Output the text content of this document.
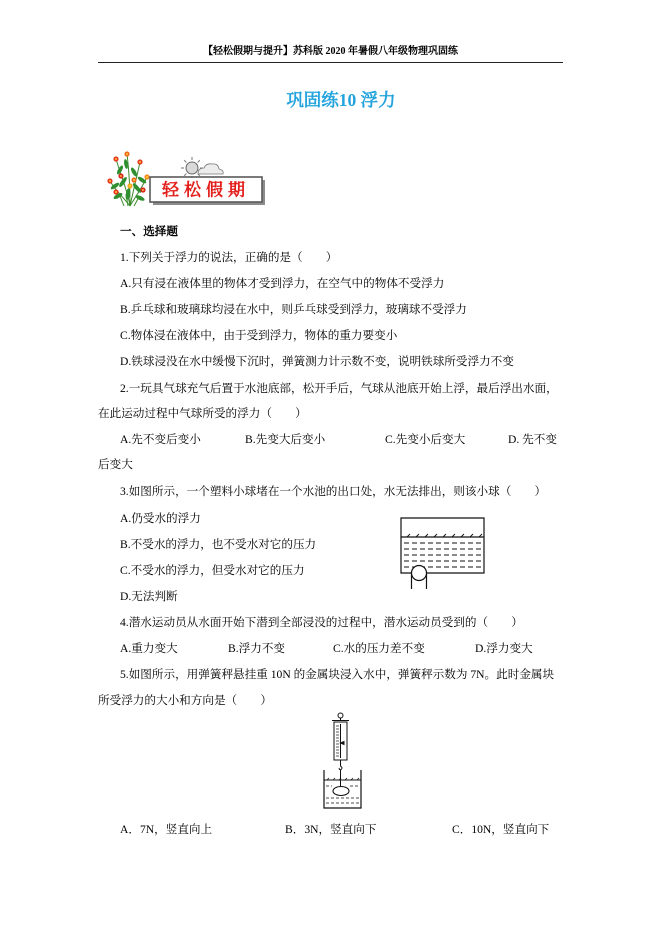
【轻松假期与提升】苏科版 2020 年暑假八年级物理巩固练
巩固练10 浮力
轻松假期
一、选择题
1.下列关于浮力的说法，正确的是（　　）
A.只有浸在液体里的物体才受到浮力，在空气中的物体不受浮力
B.乒乓球和玻璃球均浸在水中，则乒乓球受到浮力，玻璃球不受浮力
C.物体浸在液体中，由于受到浮力，物体的重力要变小
D.铁球浸没在水中缓慢下沉时，弹簧测力计示数不变，说明铁球所受浮力不变
2.一玩具气球充气后置于水池底部，松开手后，气球从池底开始上浮，最后浮出水面，
在此运动过程中气球所受的浮力（　　）
A.先不变后变小	B.先变大后变小	C.先变小后变大	D. 先不变后变大
3.如图所示，一个塑料小球堵在一个水池的出口处，水无法排出，则该小球（　　）
A.仍受水的浮力
B.不受水的浮力，也不受水对它的压力
C.不受水的浮力，但受水对它的压力
D.无法判断
4.潜水运动员从水面开始下潜到全部浸没的过程中，潜水运动员受到的（　　）
A.重力变大	B.浮力不变	C.水的压力差不变	D.浮力变大
5.如图所示，用弹簧秤悬挂重 10N 的金属块浸入水中，弹簧秤示数为 7N。此时金属块
所受浮力的大小和方向是（　　）
A．7N，竖直向上	B．3N，竖直向下	C．10N，竖直向下
